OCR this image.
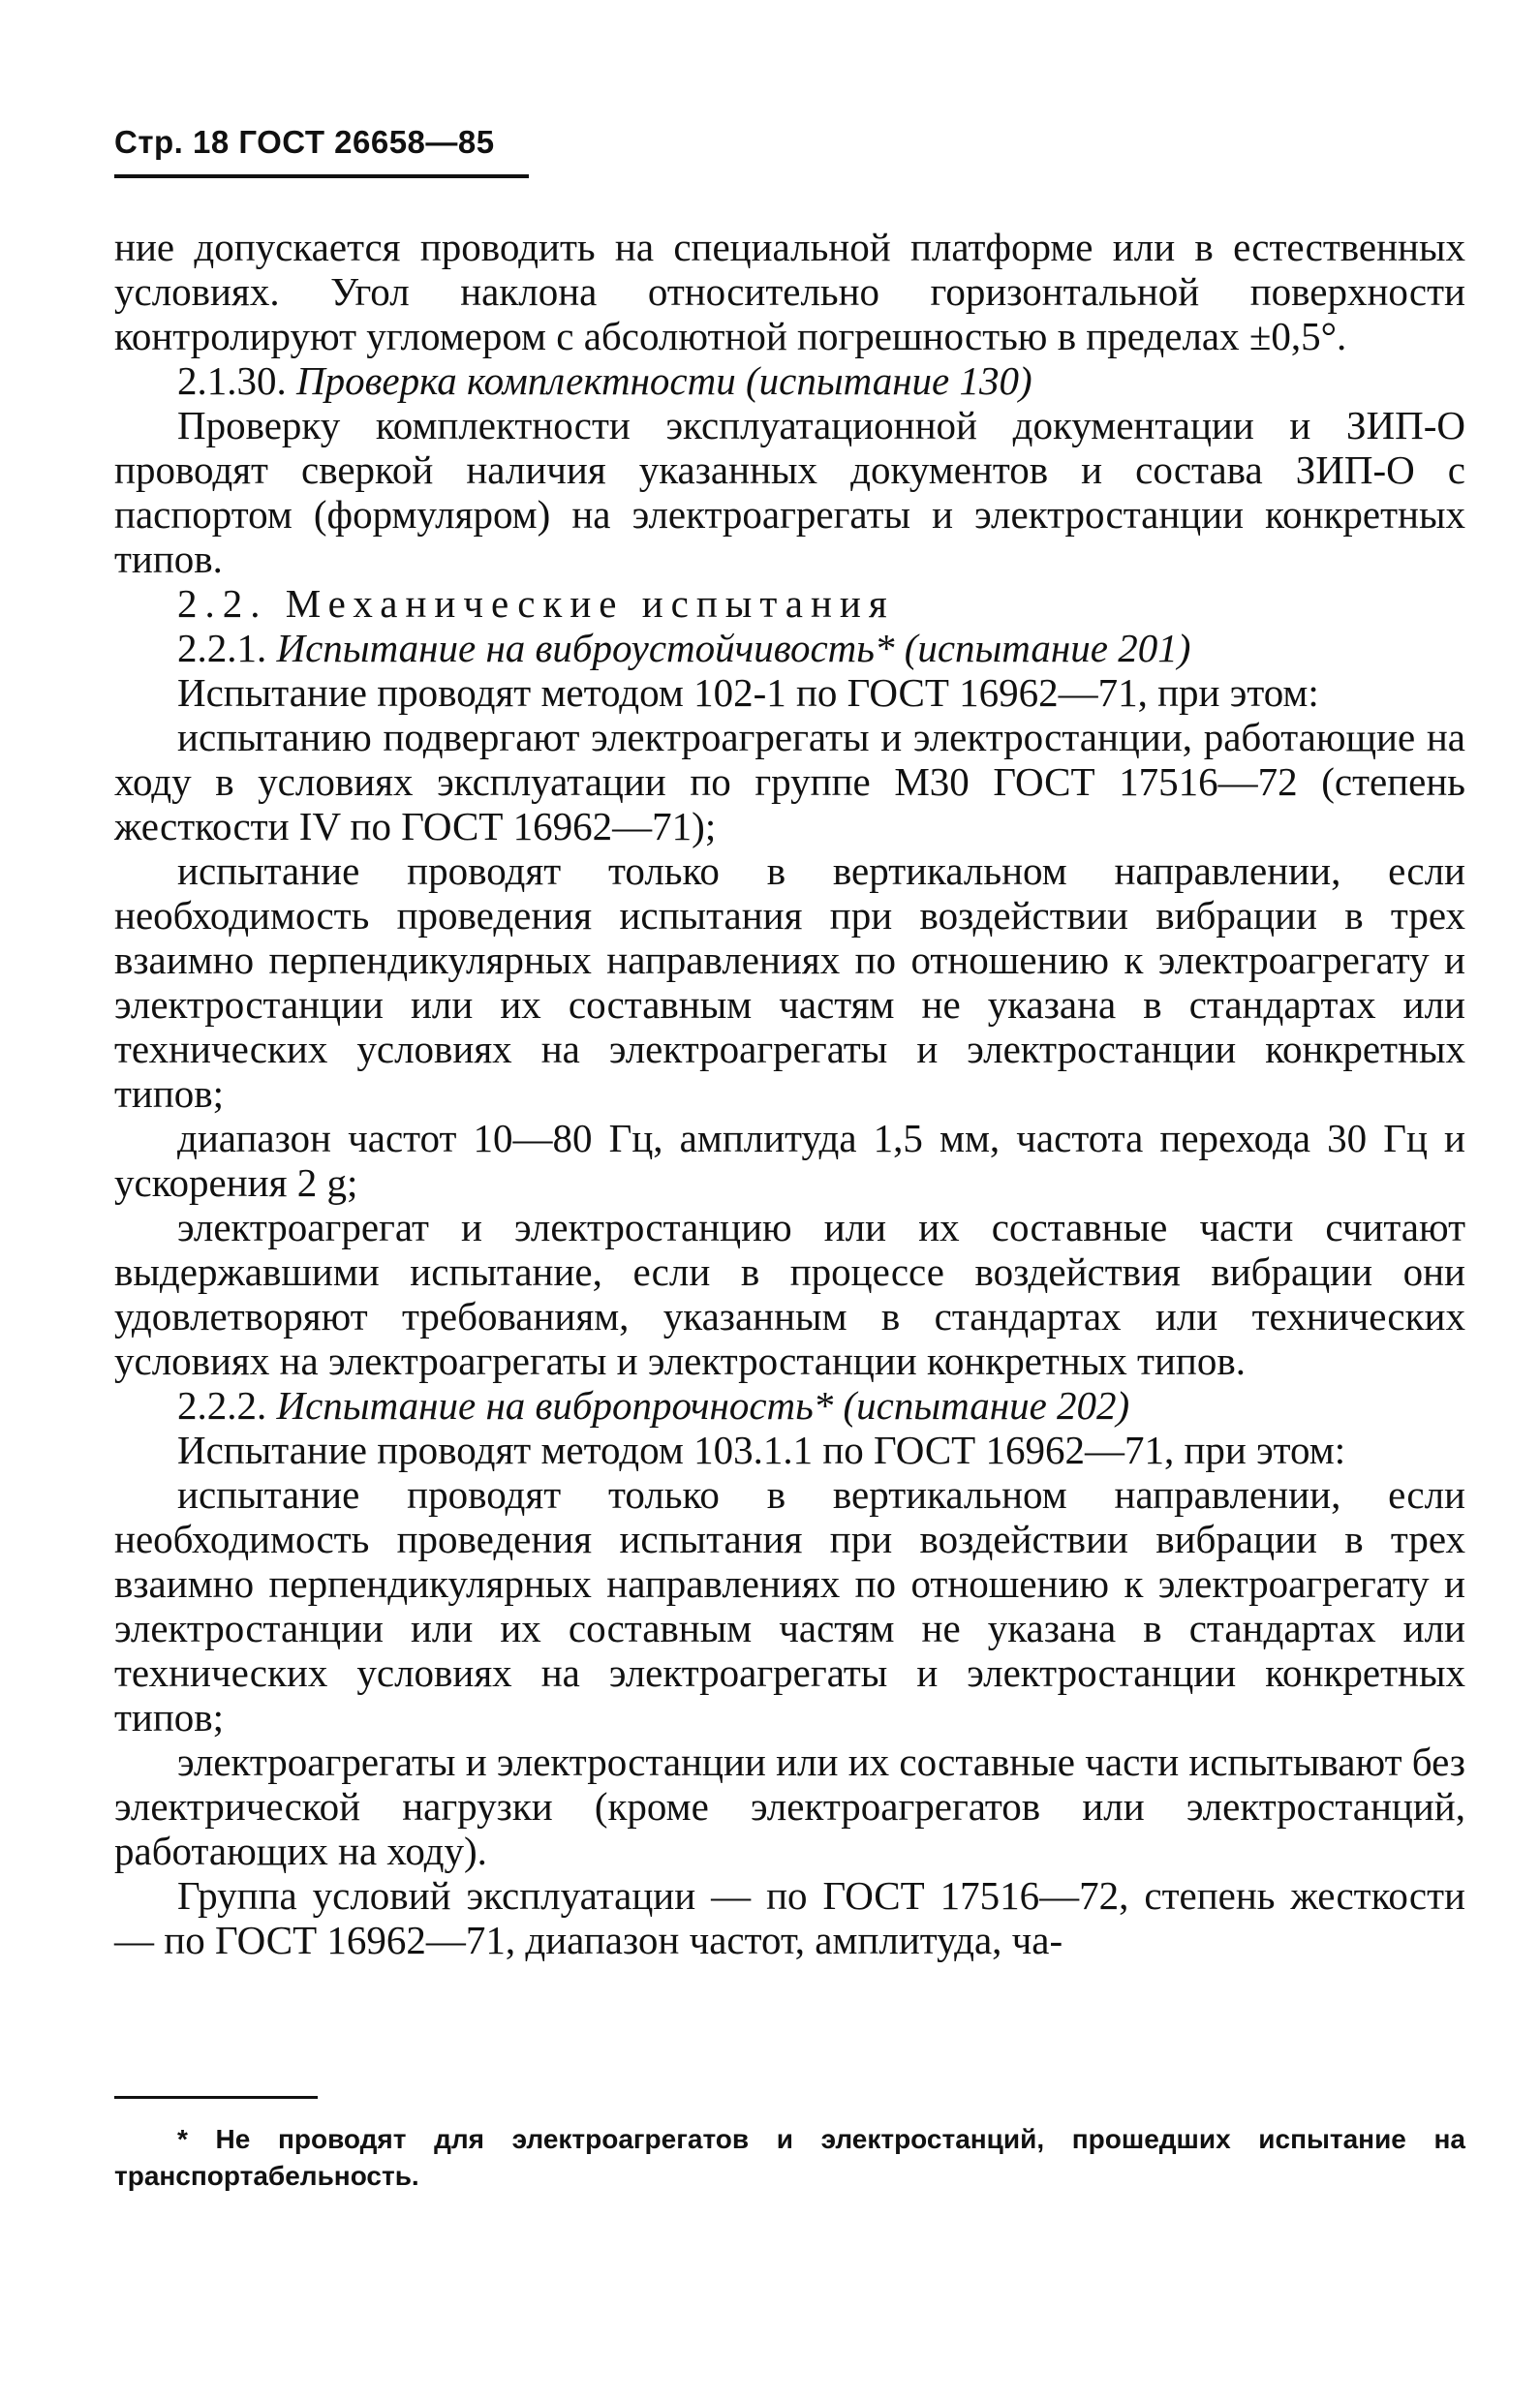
Стр. 18 ГОСТ 26658—85

ние допускается проводить на специальной платформе или в естественных условиях. Угол наклона относительно горизонтальной поверхности контролируют угломером с абсолютной погрешностью в пределах ±0,5°.

2.1.30. Проверка комплектности (испытание 130)

Проверку комплектности эксплуатационной документации и ЗИП-О проводят сверкой наличия указанных документов и состава ЗИП-О с паспортом (формуляром) на электроагрегаты и электростанции конкретных типов.

2.2. Механические испытания

2.2.1. Испытание на виброустойчивость* (испытание 201)

Испытание проводят методом 102-1 по ГОСТ 16962—71, при этом:

испытанию подвергают электроагрегаты и электростанции, работающие на ходу в условиях эксплуатации по группе М30 ГОСТ 17516—72 (степень жесткости IV по ГОСТ 16962—71);

испытание проводят только в вертикальном направлении, если необходимость проведения испытания при воздействии вибрации в трех взаимно перпендикулярных направлениях по отношению к электроагрегату и электростанции или их составным частям не указана в стандартах или технических условиях на электроагрегаты и электростанции конкретных типов;

диапазон частот 10—80 Гц, амплитуда 1,5 мм, частота перехода 30 Гц и ускорения 2 g;

электроагрегат и электростанцию или их составные части считают выдержавшими испытание, если в процессе воздействия вибрации они удовлетворяют требованиям, указанным в стандартах или технических условиях на электроагрегаты и электростанции конкретных типов.

2.2.2. Испытание на вибропрочность* (испытание 202)

Испытание проводят методом 103.1.1 по ГОСТ 16962—71, при этом:

испытание проводят только в вертикальном направлении, если необходимость проведения испытания при воздействии вибрации в трех взаимно перпендикулярных направлениях по отношению к электроагрегату и электростанции или их составным частям не указана в стандартах или технических условиях на электроагрегаты и электростанции конкретных типов;

электроагрегаты и электростанции или их составные части испытывают без электрической нагрузки (кроме электроагрегатов или электростанций, работающих на ходу).

Группа условий эксплуатации — по ГОСТ 17516—72, степень жесткости — по ГОСТ 16962—71, диапазон частот, амплитуда, ча-

* Не проводят для электроагрегатов и электростанций, прошедших испытание на транспортабельность.
